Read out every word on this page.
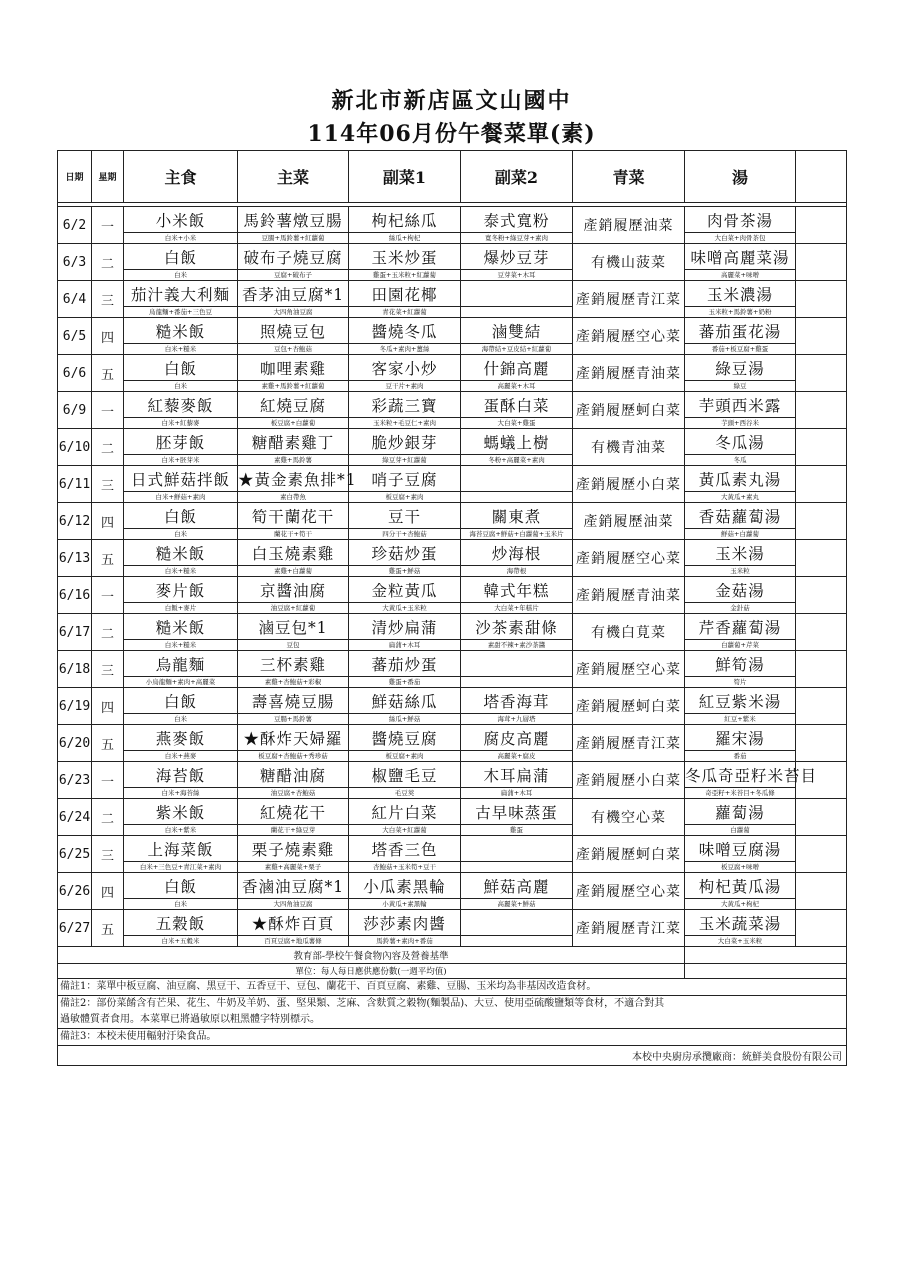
新北市新店區文山國中
114年06月份午餐菜單(素)
日期	星期	主食	主菜	副菜1	副菜2	青菜	湯	

6/2	一	小米飯	馬鈴薯燉豆腸	枸杞絲瓜	泰式寬粉	產銷履歷油菜	肉骨茶湯	
		白米+小米	豆腸+馬鈴薯+紅蘿蔔	絲瓜+枸杞	寬冬粉+綠豆芽+素肉		大白菜+肉骨茶包	
6/3	二	白飯	破布子燒豆腐	玉米炒蛋	爆炒豆芽	有機山菠菜	味噌高麗菜湯	
		白米	豆腐+破布子	雞蛋+玉米粒+紅蘿蔔	豆芽菜+木耳		高麗菜+味噌	
6/4	三	茄汁義大利麵	香茅油豆腐*1	田園花椰		產銷履歷青江菜	玉米濃湯	
		烏龍麵+番茄+三色豆	大四角油豆腐	青花菜+紅蘿蔔			玉米粒+馬鈴薯+奶粉	
6/5	四	糙米飯	照燒豆包	醬燒冬瓜	滷雙結	產銷履歷空心菜	蕃茄蛋花湯	
		白米+糙米	豆包+杏鮑菇	冬瓜+素肉+薑絲	海帶結+豆皮結+紅蘿蔔		番茄+板豆腐+雞蛋	
6/6	五	白飯	咖哩素雞	客家小炒	什錦高麗	產銷履歷青油菜	綠豆湯	
		白米	素雞+馬鈴薯+紅蘿蔔	豆干片+素肉	高麗菜+木耳		綠豆	
6/9	一	紅藜麥飯	紅燒豆腐	彩蔬三寶	蛋酥白菜	產銷履歷蚵白菜	芋頭西米露	
		白米+紅藜麥	板豆腐+白蘿蔔	玉米粒+毛豆仁+素肉	大白菜+雞蛋		芋頭+西谷米	
6/10	二	胚芽飯	糖醋素雞丁	脆炒銀芽	螞蟻上樹	有機青油菜	冬瓜湯	
		白米+胚芽米	素雞+馬鈴薯	綠豆芽+紅蘿蔔	冬粉+高麗菜+素肉		冬瓜	
6/11	三	日式鮮菇拌飯	★黃金素魚排*1	哨子豆腐		產銷履歷小白菜	黃瓜素丸湯	
		白米+鮮菇+素肉	素白帶魚	板豆腐+素肉			大黃瓜+素丸	
6/12	四	白飯	筍干蘭花干	豆干	關東煮	產銷履歷油菜	香菇蘿蔔湯	
		白米	蘭花干+筍干	四分干+杏鮑菇	海苔豆腐+鮮菇+白蘿蔔+玉米片		鮮菇+白蘿蔔	
6/13	五	糙米飯	白玉燒素雞	珍菇炒蛋	炒海根	產銷履歷空心菜	玉米湯	
		白米+糙米	素雞+白蘿蔔	雞蛋+鮮菇	海帶根		玉米粒	
6/16	一	麥片飯	京醬油腐	金粒黃瓜	韓式年糕	產銷履歷青油菜	金菇湯	
		白飯+麥片	油豆腐+紅蘿蔔	大黃瓜+玉米粒	大白菜+年糕片		金針菇	
6/17	二	糙米飯	滷豆包*1	清炒扁蒲	沙茶素甜條	有機白莧菜	芹香蘿蔔湯	
		白米+糙米	豆包	扁蒲+木耳	素甜不辣+素沙茶醬		白蘿蔔+芹菜	
6/18	三	烏龍麵	三杯素雞	蕃茄炒蛋		產銷履歷空心菜	鮮筍湯	
		小烏龍麵+素肉+高麗菜	素雞+杏鮑菇+彩椒	雞蛋+番茄			筍片	
6/19	四	白飯	壽喜燒豆腸	鮮菇絲瓜	塔香海茸	產銷履歷蚵白菜	紅豆紫米湯	
		白米	豆腸+馬鈴薯	絲瓜+鮮菇	海茸+九層塔		紅豆+紫米	
6/20	五	燕麥飯	★酥炸天婦羅	醬燒豆腐	腐皮高麗	產銷履歷青江菜	羅宋湯	
		白米+燕麥	板豆腐+杏鮑菇+秀珍菇	板豆腐+素肉	高麗菜+腐皮		番茄	
6/23	一	海苔飯	糖醋油腐	椒鹽毛豆	木耳扁蒲	產銷履歷小白菜	冬瓜奇亞籽米苔目	
		白米+海苔絲	油豆腐+杏鮑菇	毛豆莢	扁蒲+木耳		奇亞籽+米苔目+冬瓜條	
6/24	二	紫米飯	紅燒花干	紅片白菜	古早味蒸蛋	有機空心菜	蘿蔔湯	
		白米+紫米	蘭花干+綠豆芽	大白菜+紅蘿蔔	雞蛋		白蘿蔔	
6/25	三	上海菜飯	栗子燒素雞	塔香三色		產銷履歷蚵白菜	味噌豆腐湯	
		白米+三色豆+青江菜+素肉	素雞+高麗菜+栗子	杏鮑菇+玉米筍+豆干			板豆腐+味噌	
6/26	四	白飯	香滷油豆腐*1	小瓜素黑輪	鮮菇高麗	產銷履歷空心菜	枸杞黃瓜湯	
		白米	大四角油豆腐	小黃瓜+素黑輪	高麗菜+鮮菇		大黃瓜+枸杞	
6/27	五	五穀飯	★酥炸百頁	莎莎素肉醬		產銷履歷青江菜	玉米蔬菜湯	
		白米+五穀米	百頁豆腐+地瓜薯條	馬鈴薯+素肉+番茄			大白菜+玉米粒	
教育部-學校午餐食物內容及營養基準								
單位：每人每日應供應份數(一週平均值)								
備註1：菜單中板豆腐、油豆腐、黑豆干、五香豆干、豆包、蘭花干、百頁豆腐、素雞、豆腸、玉米均為非基因改造食材。								

備註2：部份菜餚含有芒果、花生、牛奶及羊奶、蛋、堅果類、芝麻、含麩質之穀物(麵製品)、大豆、使用亞硫酸鹽類等食材，不適合對其
過敏體質者食用。本菜單已將過敏原以粗黑體字特別標示。								

備註3：本校未使用輻射汙染食品。								
本校中央廚房承攬廠商：統鮮美食股份有限公司								
